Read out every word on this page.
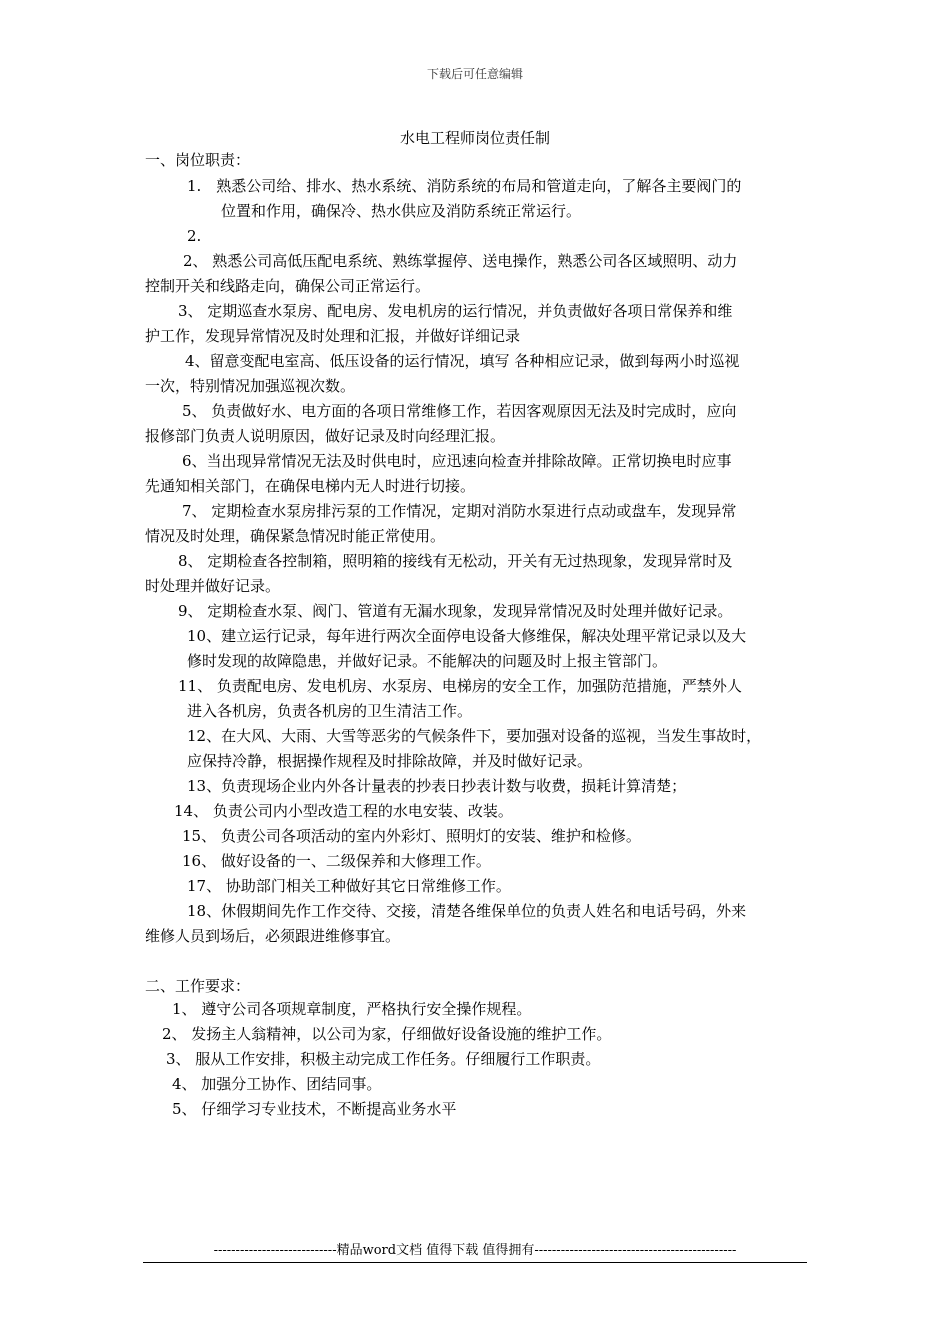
下载后可任意编辑
水电工程师岗位责任制
一、岗位职责：
1.　熟悉公司给、排水、热水系统、消防系统的布局和管道走向，了解各主要阀门的
位置和作用，确保冷、热水供应及消防系统正常运行。
2.
2、 熟悉公司高低压配电系统、熟练掌握停、送电操作，熟悉公司各区域照明、动力
控制开关和线路走向，确保公司正常运行。
3、 定期巡查水泵房、配电房、发电机房的运行情况，并负责做好各项日常保养和维
护工作，发现异常情况及时处理和汇报，并做好详细记录
4、留意变配电室高、低压设备的运行情况，填写 各种相应记录，做到每两小时巡视
一次，特别情况加强巡视次数。
5、 负责做好水、电方面的各项日常维修工作，若因客观原因无法及时完成时，应向
报修部门负责人说明原因，做好记录及时向经理汇报。
6、当出现异常情况无法及时供电时，应迅速向检查并排除故障。正常切换电时应事
先通知相关部门，在确保电梯内无人时进行切接。
7、 定期检查水泵房排污泵的工作情况，定期对消防水泵进行点动或盘车，发现异常
情况及时处理，确保紧急情况时能正常使用。
8、 定期检查各控制箱，照明箱的接线有无松动，开关有无过热现象，发现异常时及
时处理并做好记录。
9、 定期检查水泵、阀门、管道有无漏水现象，发现异常情况及时处理并做好记录。
10、建立运行记录，每年进行两次全面停电设备大修维保，解决处理平常记录以及大
修时发现的故障隐患，并做好记录。不能解决的问题及时上报主管部门。
11、 负责配电房、发电机房、水泵房、电梯房的安全工作，加强防范措施，严禁外人
进入各机房，负责各机房的卫生清洁工作。
12、在大风、大雨、大雪等恶劣的气候条件下，要加强对设备的巡视，当发生事故时，
应保持冷静，根据操作规程及时排除故障，并及时做好记录。
13、负责现场企业内外各计量表的抄表日抄表计数与收费，损耗计算清楚；
14、 负责公司内小型改造工程的水电安装、改装。
15、 负责公司各项活动的室内外彩灯、照明灯的安装、维护和检修。
16、 做好设备的一、二级保养和大修理工作。
17、 协助部门相关工种做好其它日常维修工作。
18、休假期间先作工作交待、交接，清楚各维保单位的负责人姓名和电话号码，外来
维修人员到场后，必须跟进维修事宜。
二、工作要求：
1、 遵守公司各项规章制度，严格执行安全操作规程。
2、 发扬主人翁精神，以公司为家，仔细做好设备设施的维护工作。
3、 服从工作安排，积极主动完成工作任务。仔细履行工作职责。
4、 加强分工协作、团结同事。
5、 仔细学习专业技术，不断提高业务水平
----------------------------精品word文档 值得下载 值得拥有----------------------------------------------
